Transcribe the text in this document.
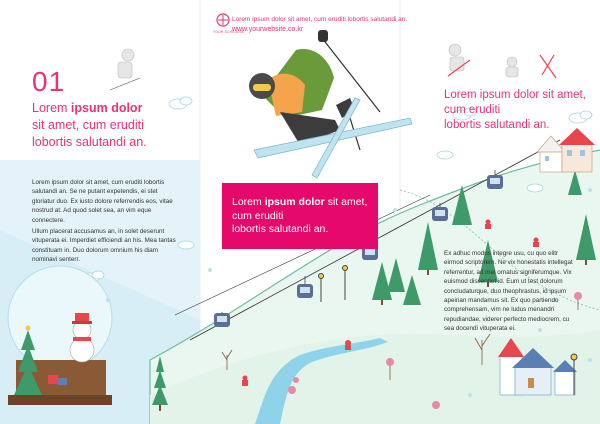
YOUR SCHEDULE

Lorem ipsum dolor sit amet, cum eruditi lobortis salutandi an.

www.yourwebsite.co.kr

01

Lorem ipsum dolor
sit amet, cum eruditi
lobortis salutandi an.

Lorem ipsum dolor sit amet, cum eruditi lobortis salutandi an. Se ne putant expetendis, ei stet gloriatur duo. Ex iusto dolore referrendis eos, vitae nostrud at. Ad quod solet sea, an vim eque connectere.

Ullum placerat accusamus an, in solet deserunt vituperata ei. Imperdiet efficiendi an his. Mea tantas constituam in. Duo dolorum omnium his diam nominavi senterr.

Lorem ipsum dolor sit amet,
cum eruditi
lobortis salutandi an.
Lorem ipsum dolor sit amet,
cum eruditi
lobortis salutandi an.

Ex adhuc modus integre usu, cu quo elitr eirmod scriptorem. Ne vix honestatis intellegat referrentur, ad mei ornatus signiferumque. Vix euismod dissentiet id. Eum ut test dolorum concludaturque, duo theophrastus, id ipsum apeirian mandamus sit. Ex quo partiendo comprehensam, vim ne ludus menandri repudiandae, viderer perfecto mediocrem, cu sea docendi vituperata ei.
